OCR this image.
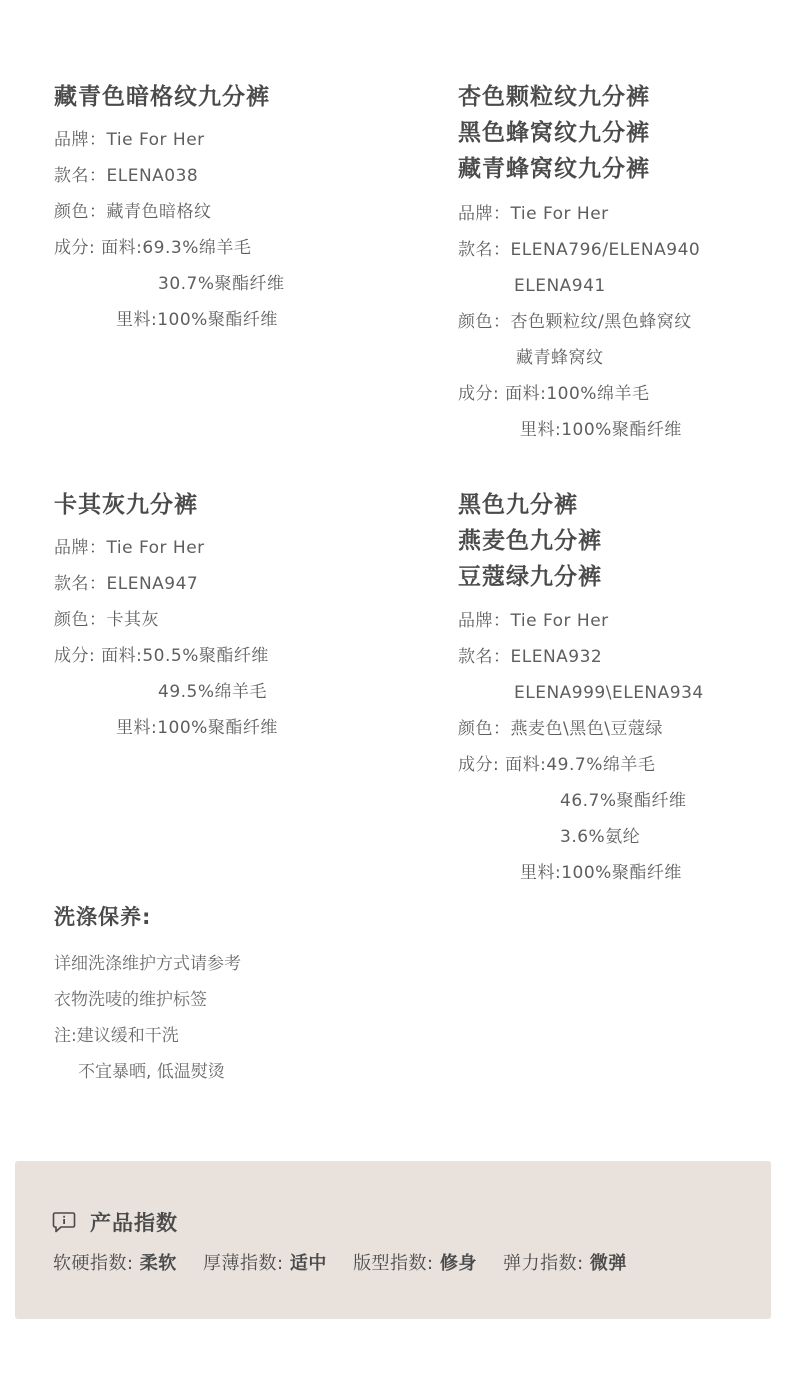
藏青色暗格纹九分裤
品牌：Tie For Her
款名：ELENA038
颜色：藏青色暗格纹
成分: 面料:69.3%绵羊毛
30.7%聚酯纤维
里料:100%聚酯纤维
杏色颗粒纹九分裤
黑色蜂窝纹九分裤
藏青蜂窝纹九分裤
品牌：Tie For Her
款名：ELENA796/ELENA940
ELENA941
颜色：杏色颗粒纹/黑色蜂窝纹
藏青蜂窝纹
成分: 面料:100%绵羊毛
里料:100%聚酯纤维
卡其灰九分裤
品牌：Tie For Her
款名：ELENA947
颜色：卡其灰
成分: 面料:50.5%聚酯纤维
49.5%绵羊毛
里料:100%聚酯纤维
黑色九分裤
燕麦色九分裤
豆蔻绿九分裤
品牌：Tie For Her
款名：ELENA932
ELENA999\ELENA934
颜色：燕麦色\黑色\豆蔻绿
成分: 面料:49.7%绵羊毛
46.7%聚酯纤维
3.6%氨纶
里料:100%聚酯纤维
洗涤保养:
详细洗涤维护方式请参考
衣物洗唛的维护标签
注:建议缓和干洗
不宜暴晒, 低温熨烫
产品指数
软硬指数: 柔软 厚薄指数: 适中 版型指数: 修身 弹力指数: 微弹
